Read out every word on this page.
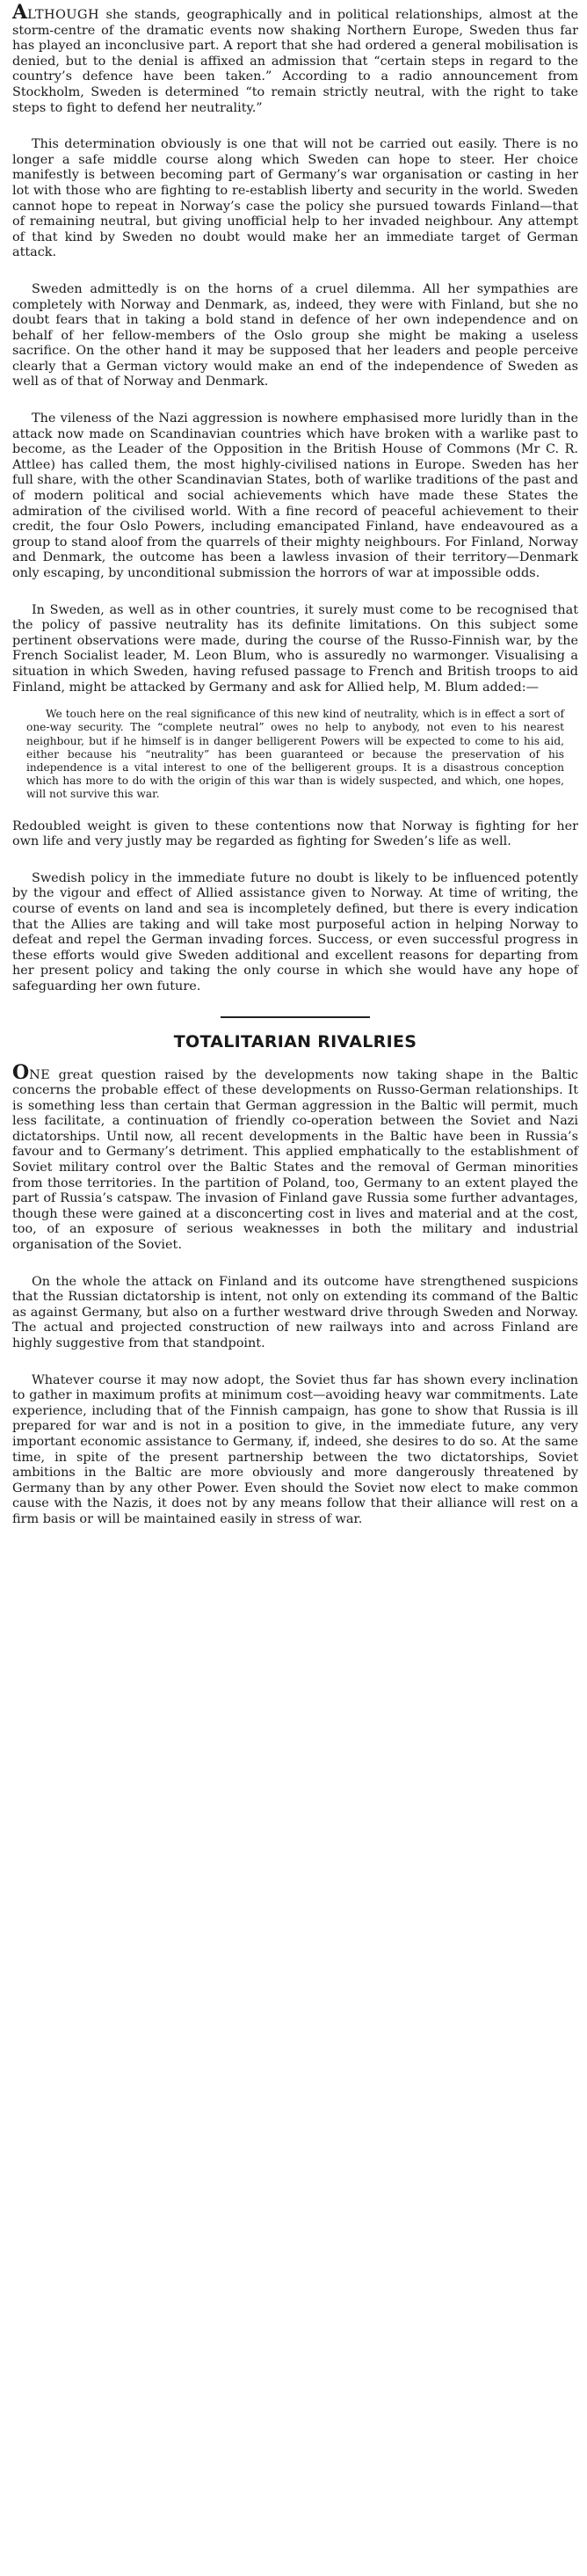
ALTHOUGH she stands, geographically and in political relationships, almost at the storm-centre of the dramatic events now shaking Northern Europe, Sweden thus far has played an inconclusive part. A report that she had ordered a general mobilisation is denied, but to the denial is affixed an admission that “certain steps in regard to the country’s defence have been taken.” According to a radio announcement from Stockholm, Sweden is determined “to remain strictly neutral, with the right to take steps to fight to defend her neutrality.”

This determination obviously is one that will not be carried out easily. There is no longer a safe middle course along which Sweden can hope to steer. Her choice manifestly is between becoming part of Germany’s war organisation or casting in her lot with those who are fighting to re-establish liberty and security in the world. Sweden cannot hope to repeat in Norway’s case the policy she pursued towards Finland—that of remaining neutral, but giving unofficial help to her invaded neighbour. Any attempt of that kind by Sweden no doubt would make her an immediate target of German attack.

Sweden admittedly is on the horns of a cruel dilemma. All her sympathies are completely with Norway and Denmark, as, indeed, they were with Finland, but she no doubt fears that in taking a bold stand in defence of her own independence and on behalf of her fellow-members of the Oslo group she might be making a useless sacrifice. On the other hand it may be supposed that her leaders and people perceive clearly that a German victory would make an end of the independence of Sweden as well as of that of Norway and Denmark.

The vileness of the Nazi aggression is nowhere emphasised more luridly than in the attack now made on Scandinavian countries which have broken with a warlike past to become, as the Leader of the Opposition in the British House of Commons (Mr C. R. Attlee) has called them, the most highly-civilised nations in Europe. Sweden has her full share, with the other Scandinavian States, both of warlike traditions of the past and of modern political and social achievements which have made these States the admiration of the civilised world. With a fine record of peaceful achievement to their credit, the four Oslo Powers, including emancipated Finland, have endeavoured as a group to stand aloof from the quarrels of their mighty neighbours. For Finland, Norway and Denmark, the outcome has been a lawless invasion of their territory—Denmark only escaping, by unconditional submission the horrors of war at impossible odds.

In Sweden, as well as in other countries, it surely must come to be recognised that the policy of passive neutrality has its definite limitations. On this subject some pertinent observations were made, during the course of the Russo-Finnish war, by the French Socialist leader, M. Leon Blum, who is assuredly no warmonger. Visualising a situation in which Sweden, having refused passage to French and British troops to aid Finland, might be attacked by Germany and ask for Allied help, M. Blum added:—

We touch here on the real significance of this new kind of neutrality, which is in effect a sort of one-way security. The “complete neutral” owes no help to anybody, not even to his nearest neighbour, but if he himself is in danger belligerent Powers will be expected to come to his aid, either because his “neutrality” has been guaranteed or because the preservation of his independence is a vital interest to one of the belligerent groups. It is a disastrous conception which has more to do with the origin of this war than is widely suspected, and which, one hopes, will not survive this war.

Redoubled weight is given to these contentions now that Norway is fighting for her own life and very justly may be regarded as fighting for Sweden’s life as well.

Swedish policy in the immediate future no doubt is likely to be influenced potently by the vigour and effect of Allied assistance given to Norway. At time of writing, the course of events on land and sea is incompletely defined, but there is every indication that the Allies are taking and will take most purposeful action in helping Norway to defeat and repel the German invading forces. Success, or even successful progress in these efforts would give Sweden additional and excellent reasons for departing from her present policy and taking the only course in which she would have any hope of safeguarding her own future.

TOTALITARIAN RIVALRIES

ONE great question raised by the developments now taking shape in the Baltic concerns the probable effect of these developments on Russo-German relationships. It is something less than certain that German aggression in the Baltic will permit, much less facilitate, a continuation of friendly co-operation between the Soviet and Nazi dictatorships. Until now, all recent developments in the Baltic have been in Russia’s favour and to Germany’s detriment. This applied emphatically to the establishment of Soviet military control over the Baltic States and the removal of German minorities from those territories. In the partition of Poland, too, Germany to an extent played the part of Russia’s catspaw. The invasion of Finland gave Russia some further advantages, though these were gained at a disconcerting cost in lives and material and at the cost, too, of an exposure of serious weaknesses in both the military and industrial organisation of the Soviet.

On the whole the attack on Finland and its outcome have strengthened suspicions that the Russian dictatorship is intent, not only on extending its command of the Baltic as against Germany, but also on a further westward drive through Sweden and Norway. The actual and projected construction of new railways into and across Finland are highly suggestive from that standpoint.

Whatever course it may now adopt, the Soviet thus far has shown every inclination to gather in maximum profits at minimum cost—avoiding heavy war commitments. Late experience, including that of the Finnish campaign, has gone to show that Russia is ill prepared for war and is not in a position to give, in the immediate future, any very important economic assistance to Germany, if, indeed, she desires to do so. At the same time, in spite of the present partnership between the two dictatorships, Soviet ambitions in the Baltic are more obviously and more dangerously threatened by Germany than by any other Power. Even should the Soviet now elect to make common cause with the Nazis, it does not by any means follow that their alliance will rest on a firm basis or will be maintained easily in stress of war.
